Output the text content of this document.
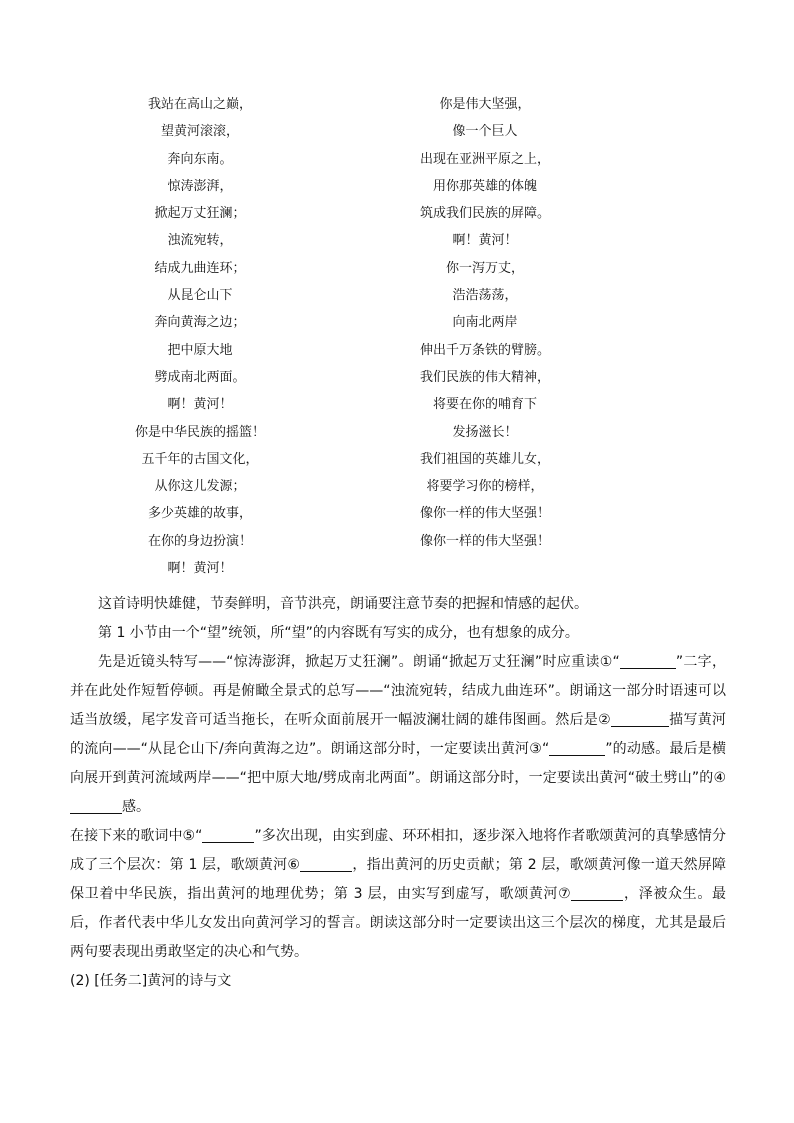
我站在高山之巅，
望黄河滚滚，
奔向东南。
惊涛澎湃，
掀起万丈狂澜；
浊流宛转，
结成九曲连环；
从昆仑山下
奔向黄海之边；
把中原大地
劈成南北两面。
啊！黄河！
你是中华民族的摇篮！
五千年的古国文化，
从你这儿发源；
多少英雄的故事，
在你的身边扮演！
啊！黄河！
你是伟大坚强，
像一个巨人
出现在亚洲平原之上，
用你那英雄的体魄
筑成我们民族的屏障。
啊！黄河！
你一泻万丈，
浩浩荡荡，
向南北两岸
伸出千万条铁的臂膀。
我们民族的伟大精神，
将要在你的哺育下
发扬滋长！
我们祖国的英雄儿女，
将要学习你的榜样，
像你一样的伟大坚强！
像你一样的伟大坚强！

这首诗明快雄健，节奏鲜明，音节洪亮，朗诵要注意节奏的把握和情感的起伏。

第 1 小节由一个“望”统领，所“望”的内容既有写实的成分，也有想象的成分。

先是近镜头特写——“惊涛澎湃，掀起万丈狂澜”。朗诵“掀起万丈狂澜”时应重读①“	”二字，并在此处作短暂停顿。再是俯瞰全景式的总写——“浊流宛转，结成九曲连环”。朗诵这一部分时语速可以适当放缓，尾字发音可适当拖长，在听众面前展开一幅波澜壮阔的雄伟图画。然后是②	描写黄河的流向——“从昆仑山下/奔向黄海之边”。朗诵这部分时，一定要读出黄河③“	”的动感。最后是横向展开到黄河流域两岸——“把中原大地/劈成南北两面”。朗诵这部分时，一定要读出黄河“破土劈山”的④感。

在接下来的歌词中⑤“	”多次出现，由实到虚、环环相扣，逐步深入地将作者歌颂黄河的真挚感情分成了三个层次：第 1 层，歌颂黄河⑥	，指出黄河的历史贡献；第 2 层，歌颂黄河像一道天然屏障保卫着中华民族，指出黄河的地理优势；第 3 层，由实写到虚写，歌颂黄河⑦	，泽被众生。最后，作者代表中华儿女发出向黄河学习的誓言。朗读这部分时一定要读出这三个层次的梯度，尤其是最后两句要表现出勇敢坚定的决心和气势。

(2) [任务二]黄河的诗与文
